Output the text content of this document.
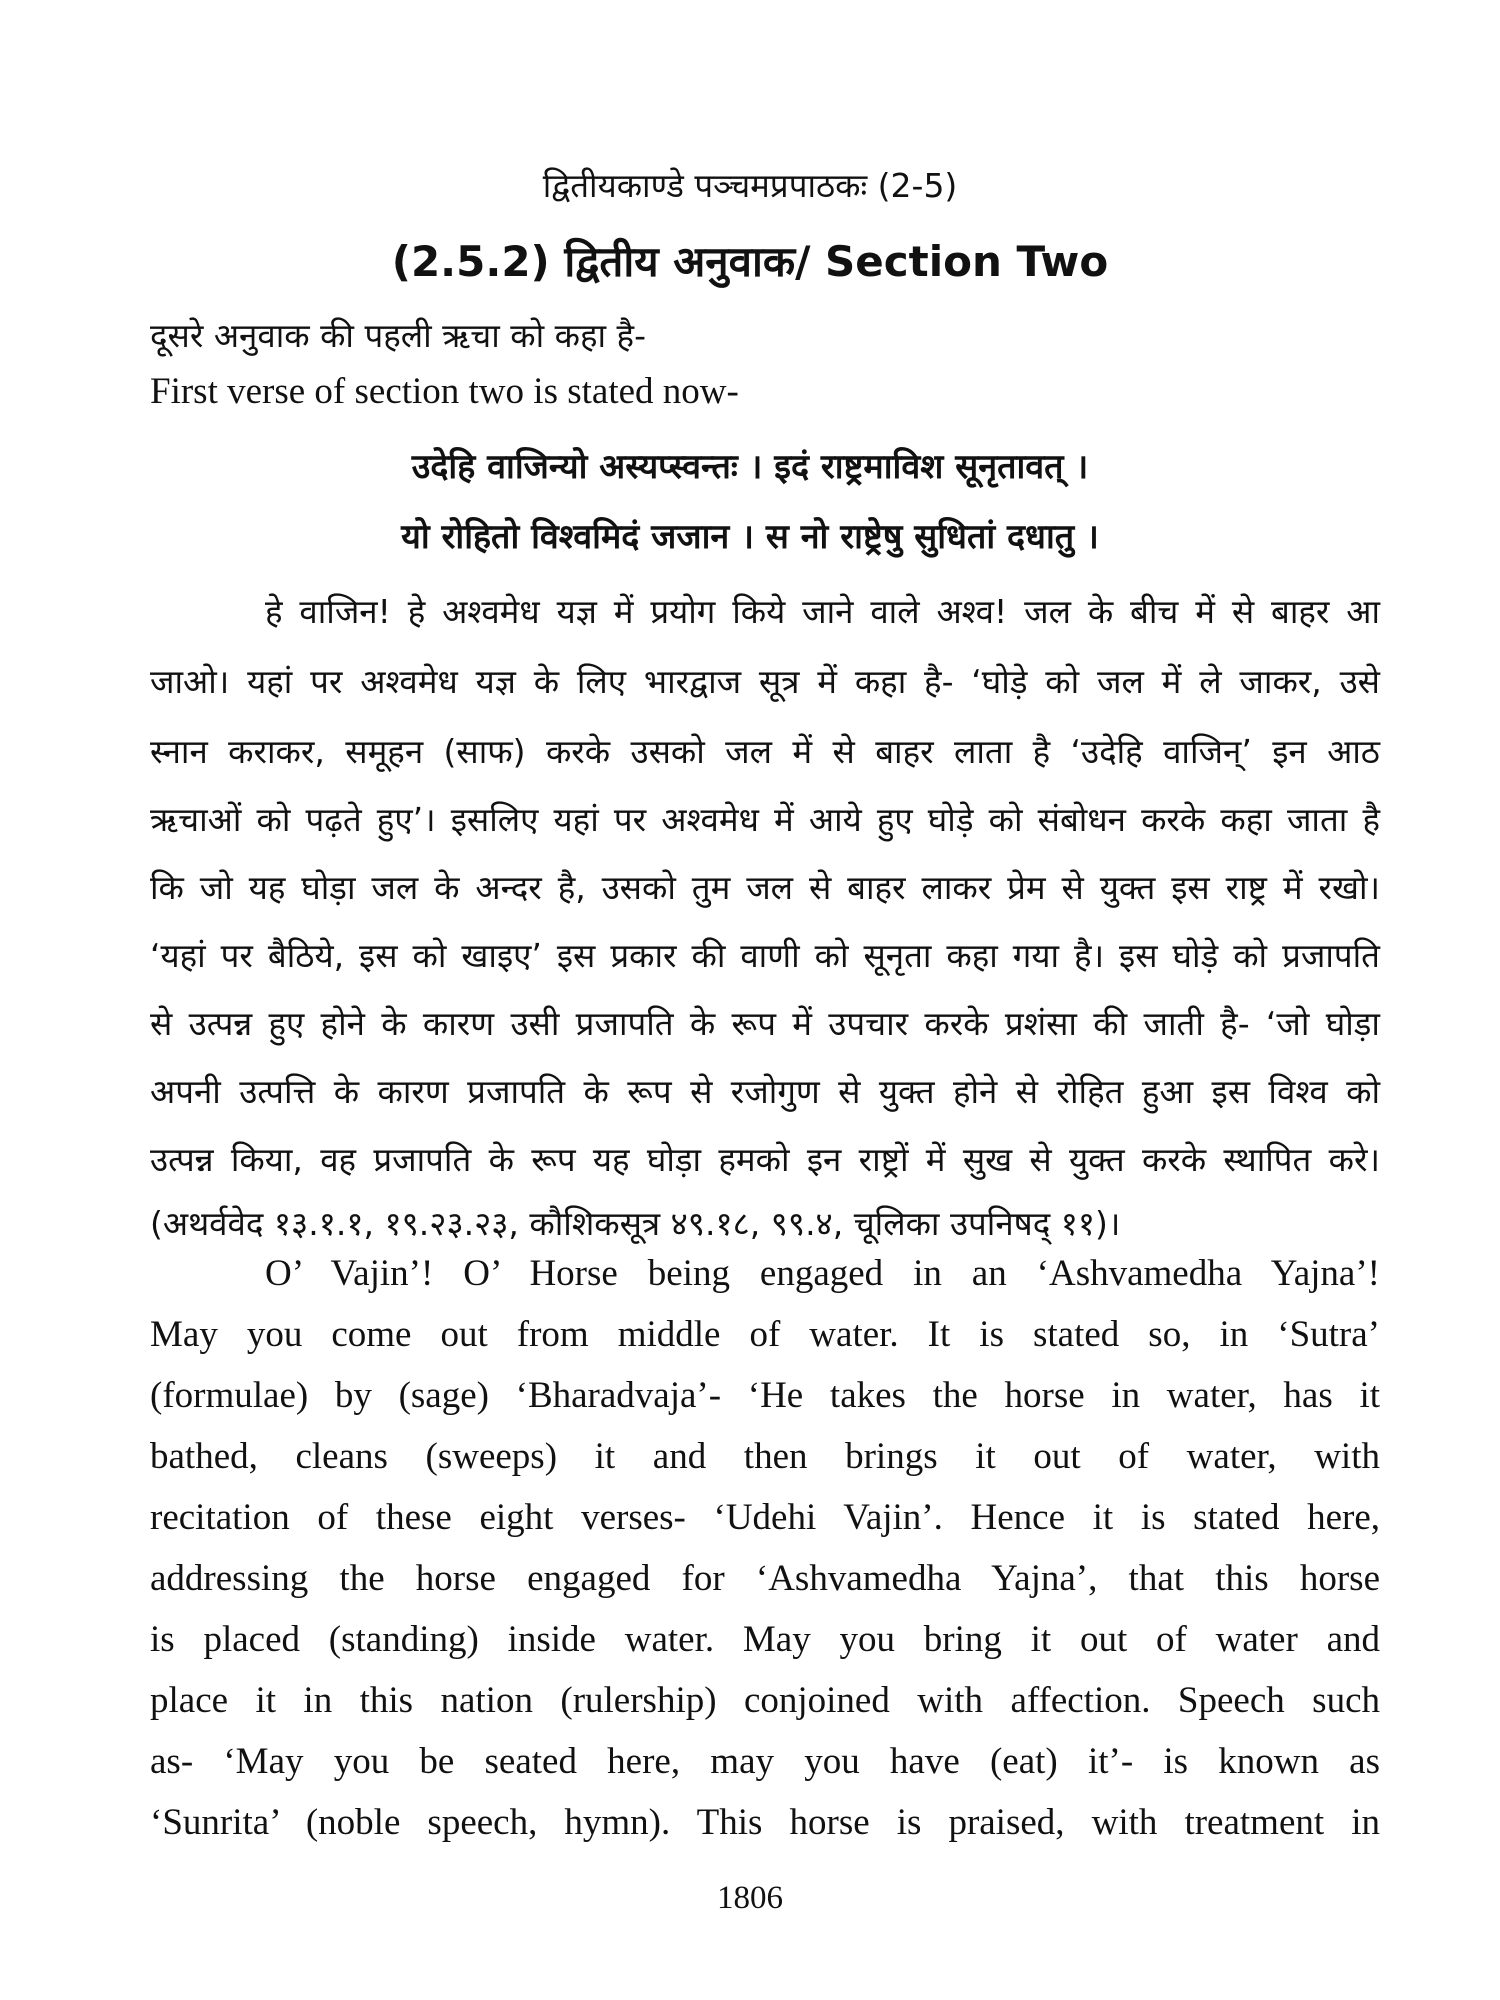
द्वितीयकाण्डे पञ्चमप्रपाठकः (2-5)
(2.5.2) द्वितीय अनुवाक/ Section Two
दूसरे अनुवाक की पहली ऋचा को कहा है-
First verse of section two is stated now-
उदेहि वाजिन्यो अस्यप्स्वन्तः । इदं राष्ट्रमाविश सूनृतावत् ।
यो रोहितो विश्वमिदं जजान । स नो राष्ट्रेषु सुधितां दधातु ।
हे वाजिन! हे अश्वमेध यज्ञ में प्रयोग किये जाने वाले अश्व! जल के बीच में से बाहर आ
जाओ। यहां पर अश्वमेध यज्ञ के लिए भारद्वाज सूत्र में कहा है- ‘घोड़े को जल में ले जाकर, उसे
स्नान कराकर, समूहन (साफ) करके उसको जल में से बाहर लाता है ‘उदेहि वाजिन्’ इन आठ
ऋचाओं को पढ़ते हुए’। इसलिए यहां पर अश्वमेध में आये हुए घोड़े को संबोधन करके कहा जाता है
कि जो यह घोड़ा जल के अन्दर है, उसको तुम जल से बाहर लाकर प्रेम से युक्त इस राष्ट्र में रखो।
‘यहां पर बैठिये, इस को खाइए’ इस प्रकार की वाणी को सूनृता कहा गया है। इस घोड़े को प्रजापति
से उत्पन्न हुए होने के कारण उसी प्रजापति के रूप में उपचार करके प्रशंसा की जाती है- ‘जो घोड़ा
अपनी उत्पत्ति के कारण प्रजापति के रूप से रजोगुण से युक्त होने से रोहित हुआ इस विश्व को
उत्पन्न किया, वह प्रजापति के रूप यह घोड़ा हमको इन राष्ट्रों में सुख से युक्त करके स्थापित करे।
(अथर्ववेद १३.१.१, १९.२३.२३, कौशिकसूत्र ४९.१८, ९९.४, चूलिका उपनिषद् ११)।
O’ Vajin’! O’ Horse being engaged in an ‘Ashvamedha Yajna’!
May you come out from middle of water. It is stated so, in ‘Sutra’
(formulae) by (sage) ‘Bharadvaja’- ‘He takes the horse in water, has it
bathed, cleans (sweeps) it and then brings it out of water, with
recitation of these eight verses- ‘Udehi Vajin’. Hence it is stated here,
addressing the horse engaged for ‘Ashvamedha Yajna’, that this horse
is placed (standing) inside water. May you bring it out of water and
place it in this nation (rulership) conjoined with affection. Speech such
as- ‘May you be seated here, may you have (eat) it’- is known as
‘Sunrita’ (noble speech, hymn). This horse is praised, with treatment in
1806
